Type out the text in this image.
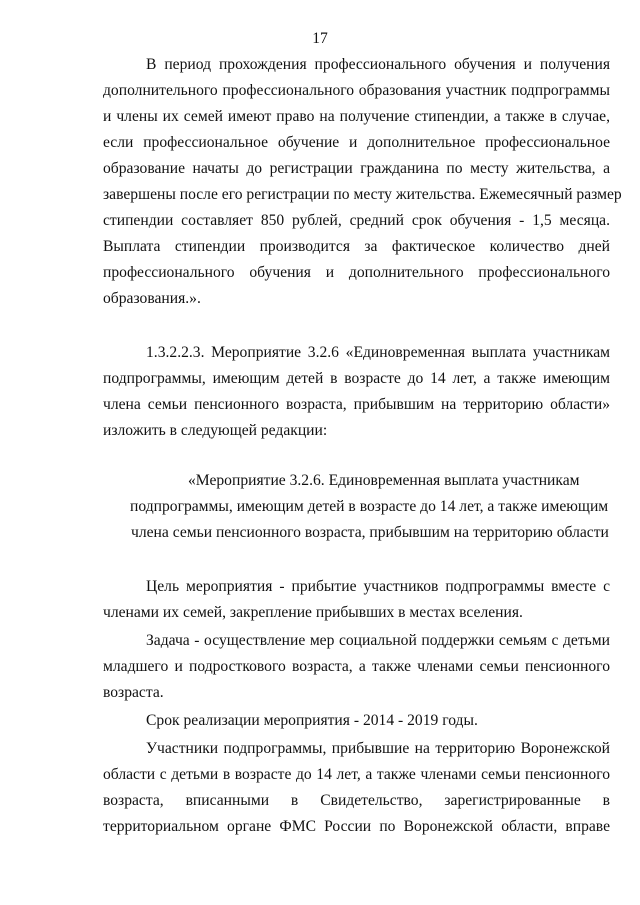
17
В период прохождения профессионального обучения и получения
дополнительного профессионального образования участник подпрограммы
и члены их семей имеют право на получение стипендии, а также в случае,
если профессиональное обучение и дополнительное профессиональное
образование начаты до регистрации гражданина по месту жительства, а
завершены после его регистрации по месту жительства. Ежемесячный размер
стипендии составляет 850 рублей, средний срок обучения - 1,5 месяца.
Выплата стипендии производится за фактическое количество дней
профессионального обучения и дополнительного профессионального
образования.».
1.3.2.2.3. Мероприятие 3.2.6 «Единовременная выплата участникам
подпрограммы, имеющим детей в возрасте до 14 лет, а также имеющим
члена семьи пенсионного возраста, прибывшим на территорию области»
изложить в следующей редакции:
«Мероприятие 3.2.6. Единовременная выплата участникам
подпрограммы, имеющим детей в возрасте до 14 лет, а также имеющим
члена семьи пенсионного возраста, прибывшим на территорию области
Цель мероприятия - прибытие участников подпрограммы вместе с
членами их семей, закрепление прибывших в местах вселения.
Задача - осуществление мер социальной поддержки семьям с детьми
младшего и подросткового возраста, а также членами семьи пенсионного
возраста.
Срок реализации мероприятия - 2014 - 2019 годы.
Участники подпрограммы, прибывшие на территорию Воронежской
области с детьми в возрасте до 14 лет, а также членами семьи пенсионного
возраста, вписанными в Свидетельство, зарегистрированные в
территориальном органе ФМС России по Воронежской области, вправе
